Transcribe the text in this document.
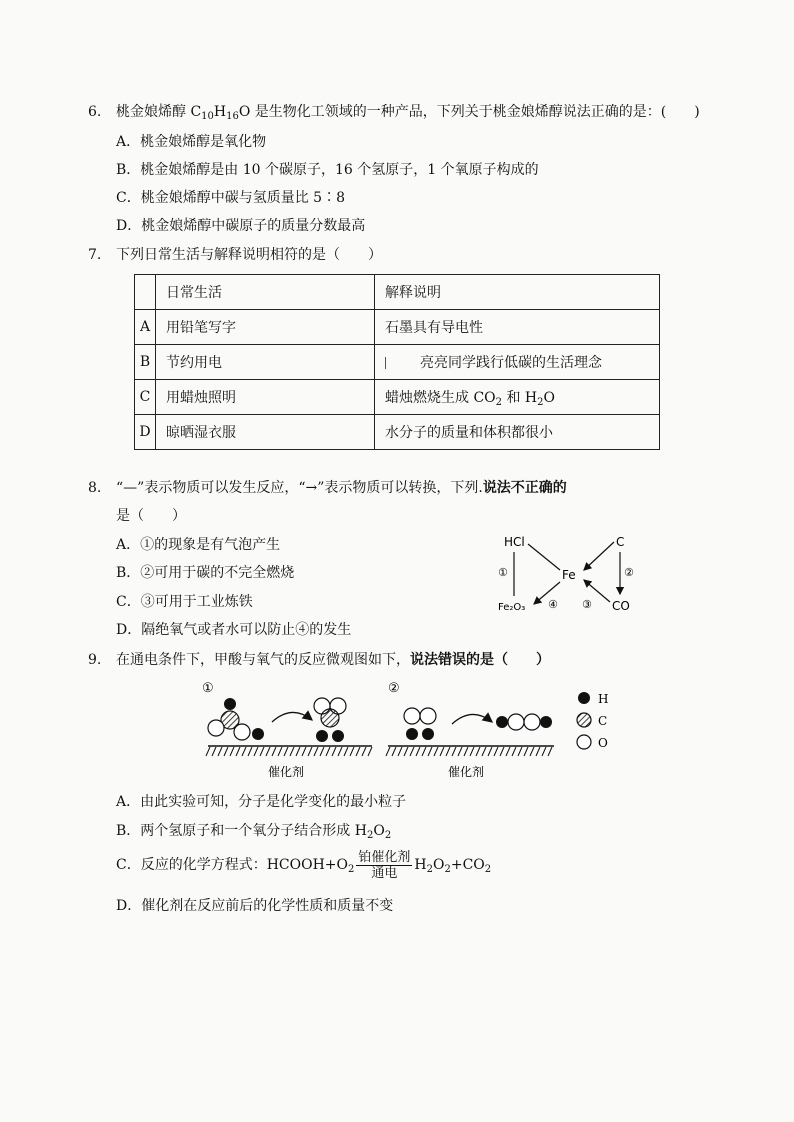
6. 桃金娘烯醇 $C_{10}H_{16}O$ 是生物化工领域的一种产品，下列关于桃金娘烯醇说法正确的是：(　　)
A．桃金娘烯醇是氧化物
B．桃金娘烯醇是由 10 个碳原子，16 个氢原子，1 个氧原子构成的
C．桃金娘烯醇中碳与氢质量比 5∶8
D．桃金娘烯醇中碳原子的质量分数最高
7. 下列日常生活与解释说明相符的是（　　）
	日常生活	解释说明
A	用铅笔写字	石墨具有导电性
B	节约用电	亮亮同学践行低碳的生活理念
C	用蜡烛照明	蜡烛燃烧生成 $CO_2$ 和 $H_2O$
D	晾晒湿衣服	水分子的质量和体积都很小
8. “—”表示物质可以发生反应，“→”表示物质可以转换，下列.说法不正确的
是（　　）
A．①的现象是有气泡产生
B．②可用于碳的不完全燃烧
C．③可用于工业炼铁
D．隔绝氧气或者水可以防止④的发生
HCl
Fe
C
CO
Fe₂O₃
①	②
③
④
9. 在通电条件下，甲酸与氧气的反应微观图如下，说法错误的是（　　）
①
催化剂
②
催化剂
H
C
O
A．由此实验可知，分子是化学变化的最小粒子
B．两个氢原子和一个氧分子结合形成 $H_2O_2$
C．反应的化学方程式：$HCOOH+O_2$
铂催化剂
通电	$H_2O_2+CO_2$
D．催化剂在反应前后的化学性质和质量不变
